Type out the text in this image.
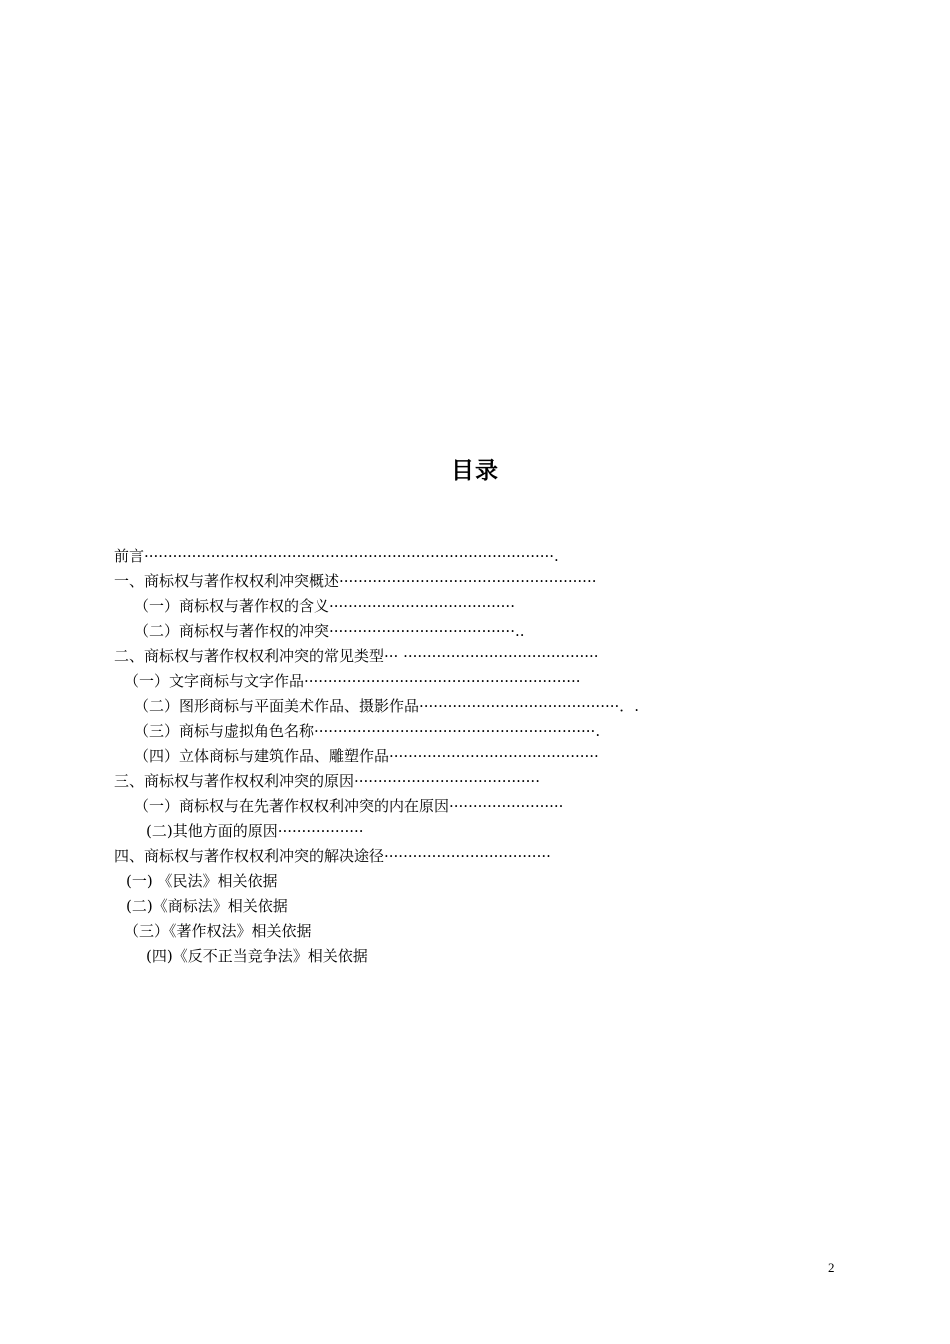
目录
前言······················································································.
一、商标权与著作权权利冲突概述······················································
（一）商标权与著作权的含义·······································
（二）商标权与著作权的冲突·······································..
二、商标权与著作权权利冲突的常见类型··· ·········································
（一）文字商标与文字作品··························································
（二）图形商标与平面美术作品、摄影作品··········································．.
（三）商标与虚拟角色名称···························································.
（四）立体商标与建筑作品、雕塑作品············································
三、商标权与著作权权利冲突的原因·······································
（一）商标权与在先著作权权利冲突的内在原因························
(二)其他方面的原因··················
四、商标权与著作权权利冲突的解决途径···································
(一) 《民法》相关依据
(二)《商标法》相关依据
（三）《著作权法》相关依据
(四)《反不正当竞争法》相关依据
2
